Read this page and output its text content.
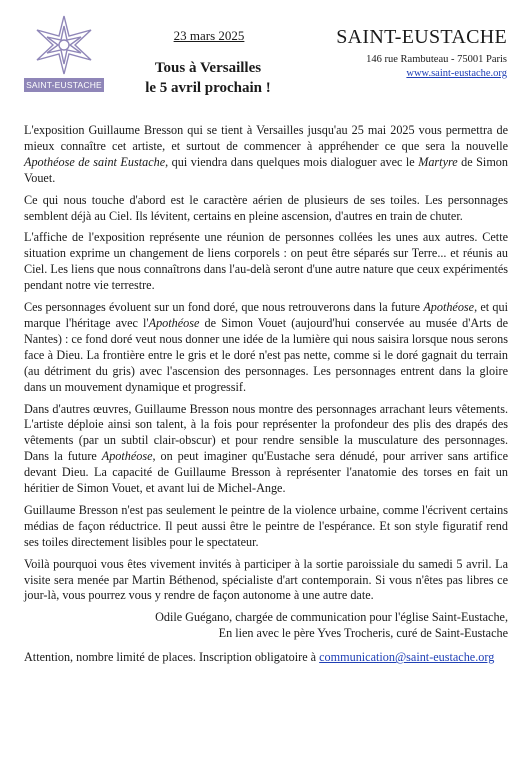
SAINT-EUSTACHE
23 mars 2025
Tous à Versailles
le 5 avril prochain !
SAINT-EUSTACHE
146 rue Rambuteau - 75001 Paris
www.saint-eustache.org

L'exposition Guillaume Bresson qui se tient à Versailles jusqu'au 25 mai 2025 vous permettra de mieux connaître cet artiste, et surtout de commencer à appréhender ce que sera la nouvelle Apothéose de saint Eustache, qui viendra dans quelques mois dialoguer avec le Martyre de Simon Vouet.

Ce qui nous touche d'abord est le caractère aérien de plusieurs de ses toiles. Les personnages semblent déjà au Ciel. Ils lévitent, certains en pleine ascension, d'autres en train de chuter.

L'affiche de l'exposition représente une réunion de personnes collées les unes aux autres. Cette situation exprime un changement de liens corporels : on peut être séparés sur Terre... et réunis au Ciel. Les liens que nous connaîtrons dans l'au-delà seront d'une autre nature que ceux expérimentés pendant notre vie terrestre.

Ces personnages évoluent sur un fond doré, que nous retrouverons dans la future Apothéose, et qui marque l'héritage avec l'Apothéose de Simon Vouet (aujourd'hui conservée au musée d'Arts de Nantes) : ce fond doré veut nous donner une idée de la lumière qui nous saisira lorsque nous serons face à Dieu. La frontière entre le gris et le doré n'est pas nette, comme si le doré gagnait du terrain (au détriment du gris) avec l'ascension des personnages. Les personnages entrent dans la gloire dans un mouvement dynamique et progressif.

Dans d'autres œuvres, Guillaume Bresson nous montre des personnages arrachant leurs vêtements. L'artiste déploie ainsi son talent, à la fois pour représenter la profondeur des plis des drapés des vêtements (par un subtil clair-obscur) et pour rendre sensible la musculature des personnages. Dans la future Apothéose, on peut imaginer qu'Eustache sera dénudé, pour arriver sans artifice devant Dieu. La capacité de Guillaume Bresson à représenter l'anatomie des torses en fait un héritier de Simon Vouet, et avant lui de Michel-Ange.

Guillaume Bresson n'est pas seulement le peintre de la violence urbaine, comme l'écrivent certains médias de façon réductrice. Il peut aussi être le peintre de l'espérance. Et son style figuratif rend ses toiles directement lisibles pour le spectateur.

Voilà pourquoi vous êtes vivement invités à participer à la sortie paroissiale du samedi 5 avril. La visite sera menée par Martin Béthenod, spécialiste d'art contemporain. Si vous n'êtes pas libres ce jour-là, vous pourrez vous y rendre de façon autonome à une autre date.

Odile Guégano, chargée de communication pour l'église Saint-Eustache,
En lien avec le père Yves Trocheris, curé de Saint-Eustache
Attention, nombre limité de places. Inscription obligatoire à communication@saint-eustache.org
